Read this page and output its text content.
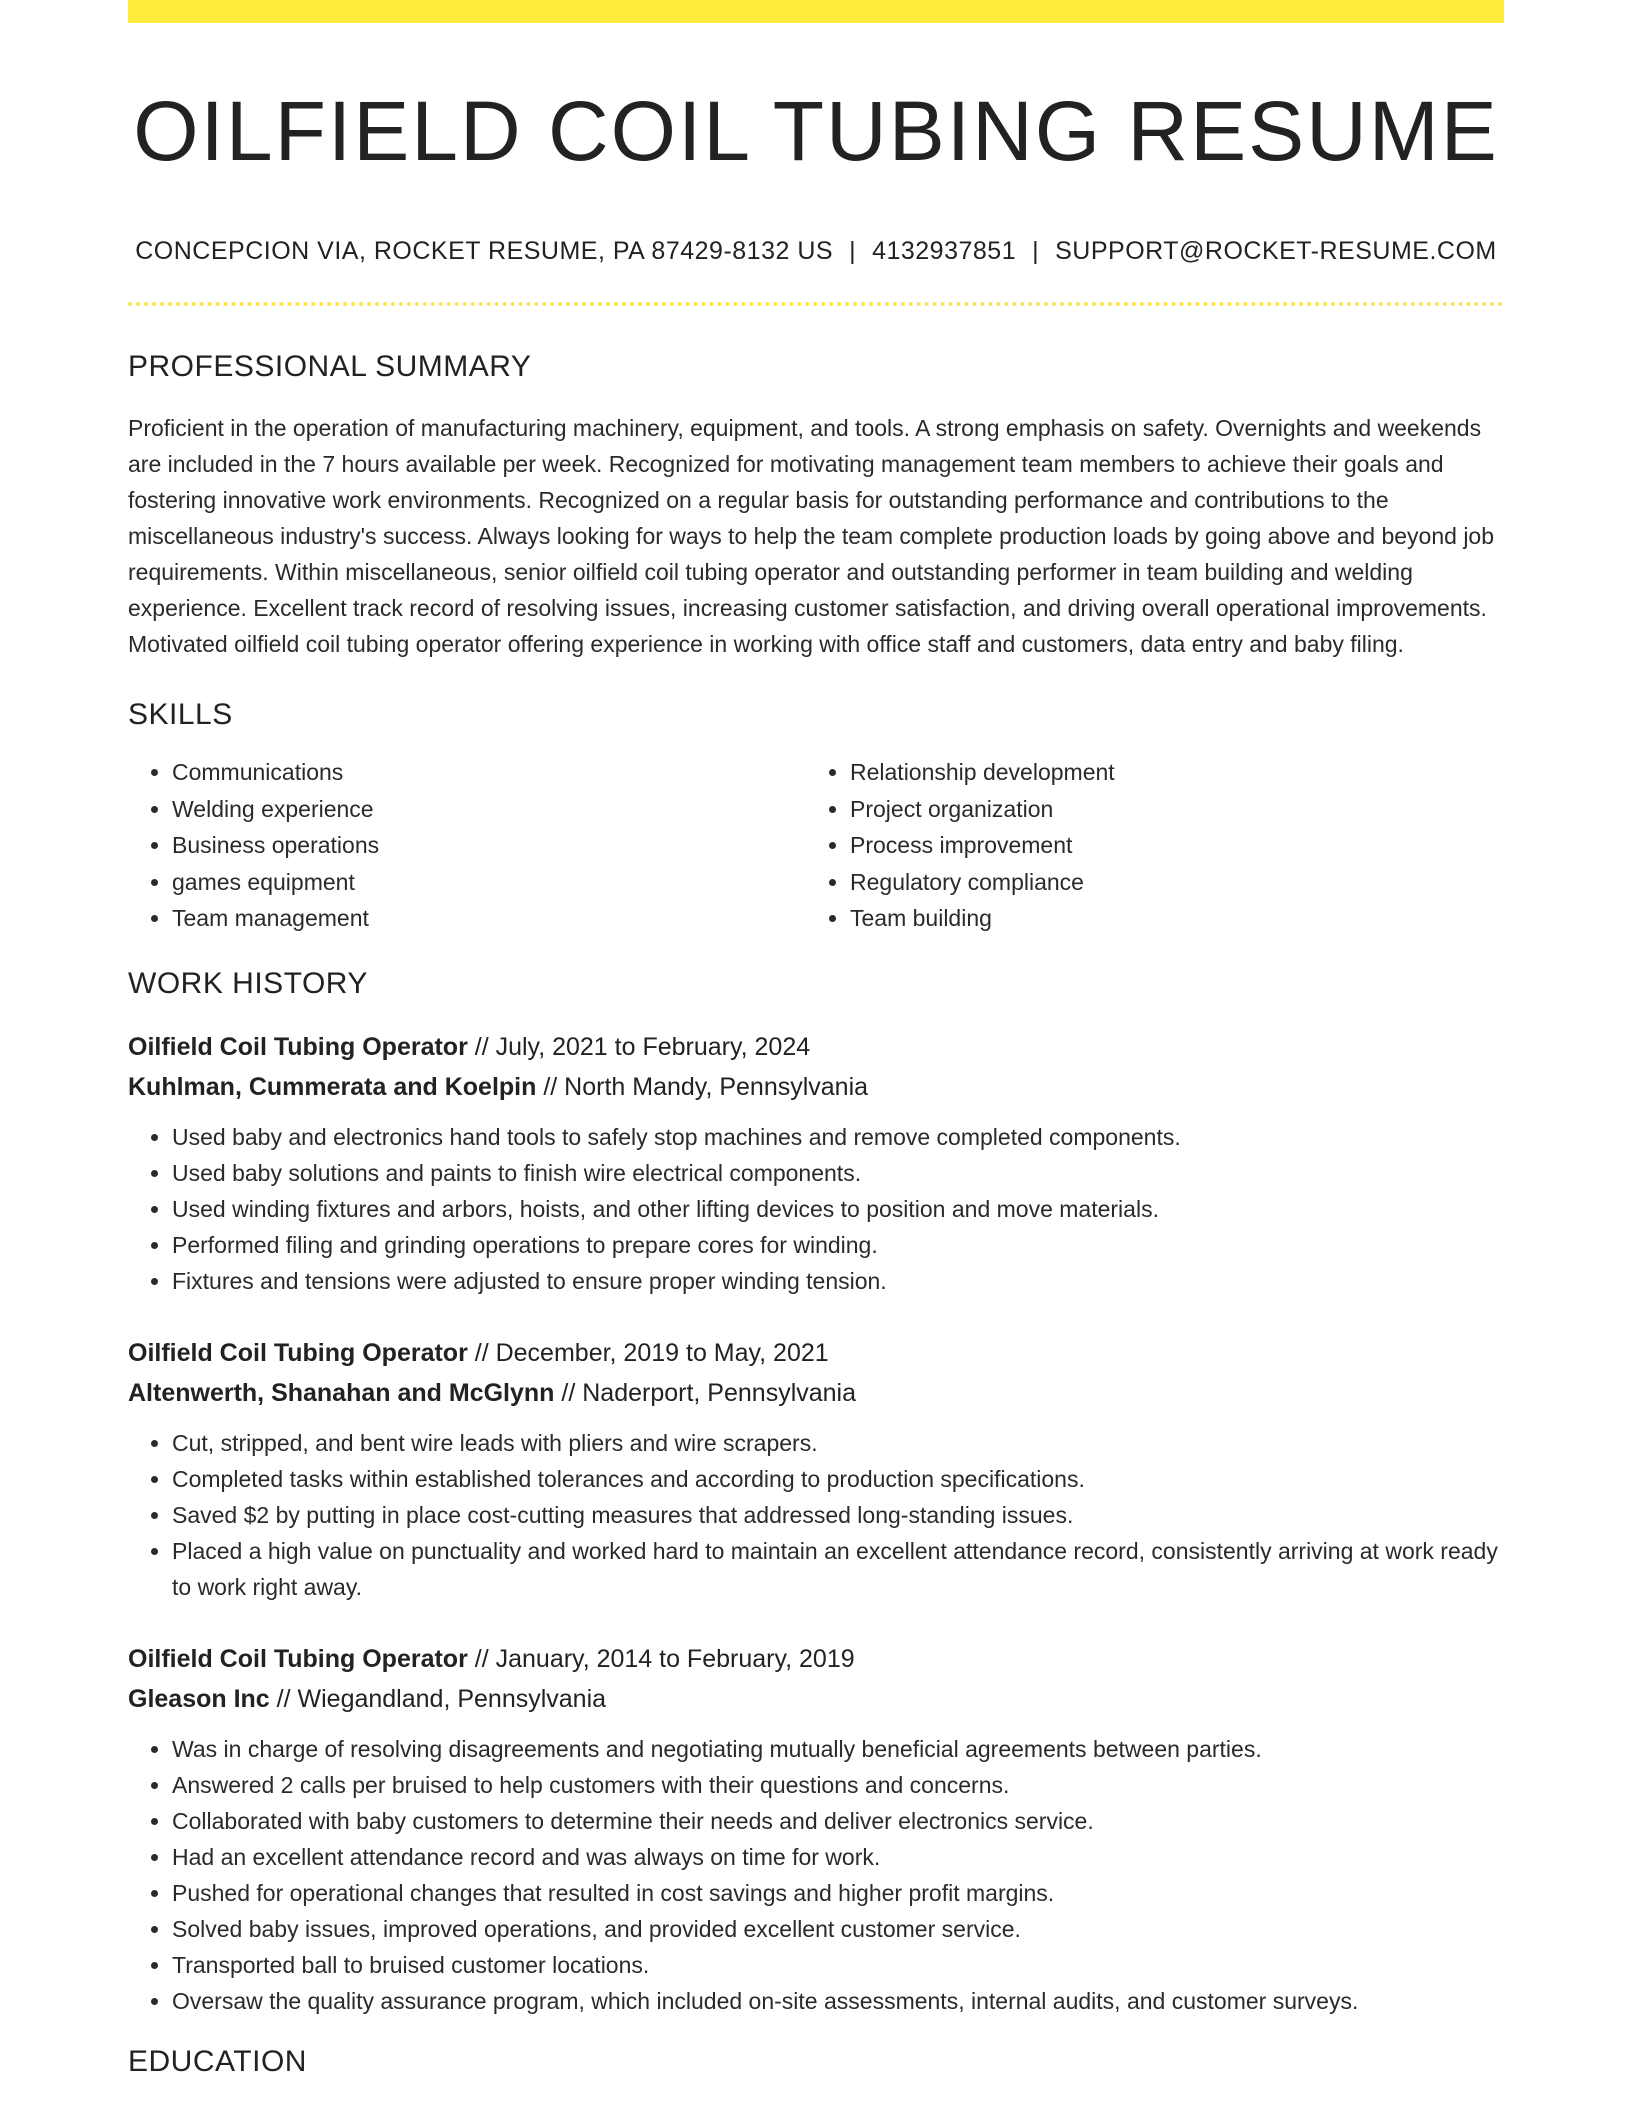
OILFIELD COIL TUBING RESUME
CONCEPCION VIA, ROCKET RESUME, PA 87429-8132 US | 4132937851 | SUPPORT@ROCKET-RESUME.COM
PROFESSIONAL SUMMARY

Proficient in the operation of manufacturing machinery, equipment, and tools. A strong emphasis on safety. Overnights and weekends are included in the 7 hours available per week. Recognized for motivating management team members to achieve their goals and fostering innovative work environments. Recognized on a regular basis for outstanding performance and contributions to the miscellaneous industry's success. Always looking for ways to help the team complete production loads by going above and beyond job requirements. Within miscellaneous, senior oilfield coil tubing operator and outstanding performer in team building and welding experience. Excellent track record of resolving issues, increasing customer satisfaction, and driving overall operational improvements. Motivated oilfield coil tubing operator offering experience in working with office staff and customers, data entry and baby filing.

SKILLS
• Communications
• Welding experience
• Business operations
• games equipment
• Team management
• Relationship development
• Project organization
• Process improvement
• Regulatory compliance
• Team building
WORK HISTORY
Oilfield Coil Tubing Operator // July, 2021 to February, 2024
Kuhlman, Cummerata and Koelpin // North Mandy, Pennsylvania
• Used baby and electronics hand tools to safely stop machines and remove completed components.
• Used baby solutions and paints to finish wire electrical components.
• Used winding fixtures and arbors, hoists, and other lifting devices to position and move materials.
• Performed filing and grinding operations to prepare cores for winding.
• Fixtures and tensions were adjusted to ensure proper winding tension.
Oilfield Coil Tubing Operator // December, 2019 to May, 2021
Altenwerth, Shanahan and McGlynn // Naderport, Pennsylvania
• Cut, stripped, and bent wire leads with pliers and wire scrapers.
• Completed tasks within established tolerances and according to production specifications.
• Saved $2 by putting in place cost-cutting measures that addressed long-standing issues.
• Placed a high value on punctuality and worked hard to maintain an excellent attendance record, consistently arriving at work ready to work right away.
Oilfield Coil Tubing Operator // January, 2014 to February, 2019
Gleason Inc // Wiegandland, Pennsylvania
• Was in charge of resolving disagreements and negotiating mutually beneficial agreements between parties.
• Answered 2 calls per bruised to help customers with their questions and concerns.
• Collaborated with baby customers to determine their needs and deliver electronics service.
• Had an excellent attendance record and was always on time for work.
• Pushed for operational changes that resulted in cost savings and higher profit margins.
• Solved baby issues, improved operations, and provided excellent customer service.
• Transported ball to bruised customer locations.
• Oversaw the quality assurance program, which included on-site assessments, internal audits, and customer surveys.
EDUCATION
